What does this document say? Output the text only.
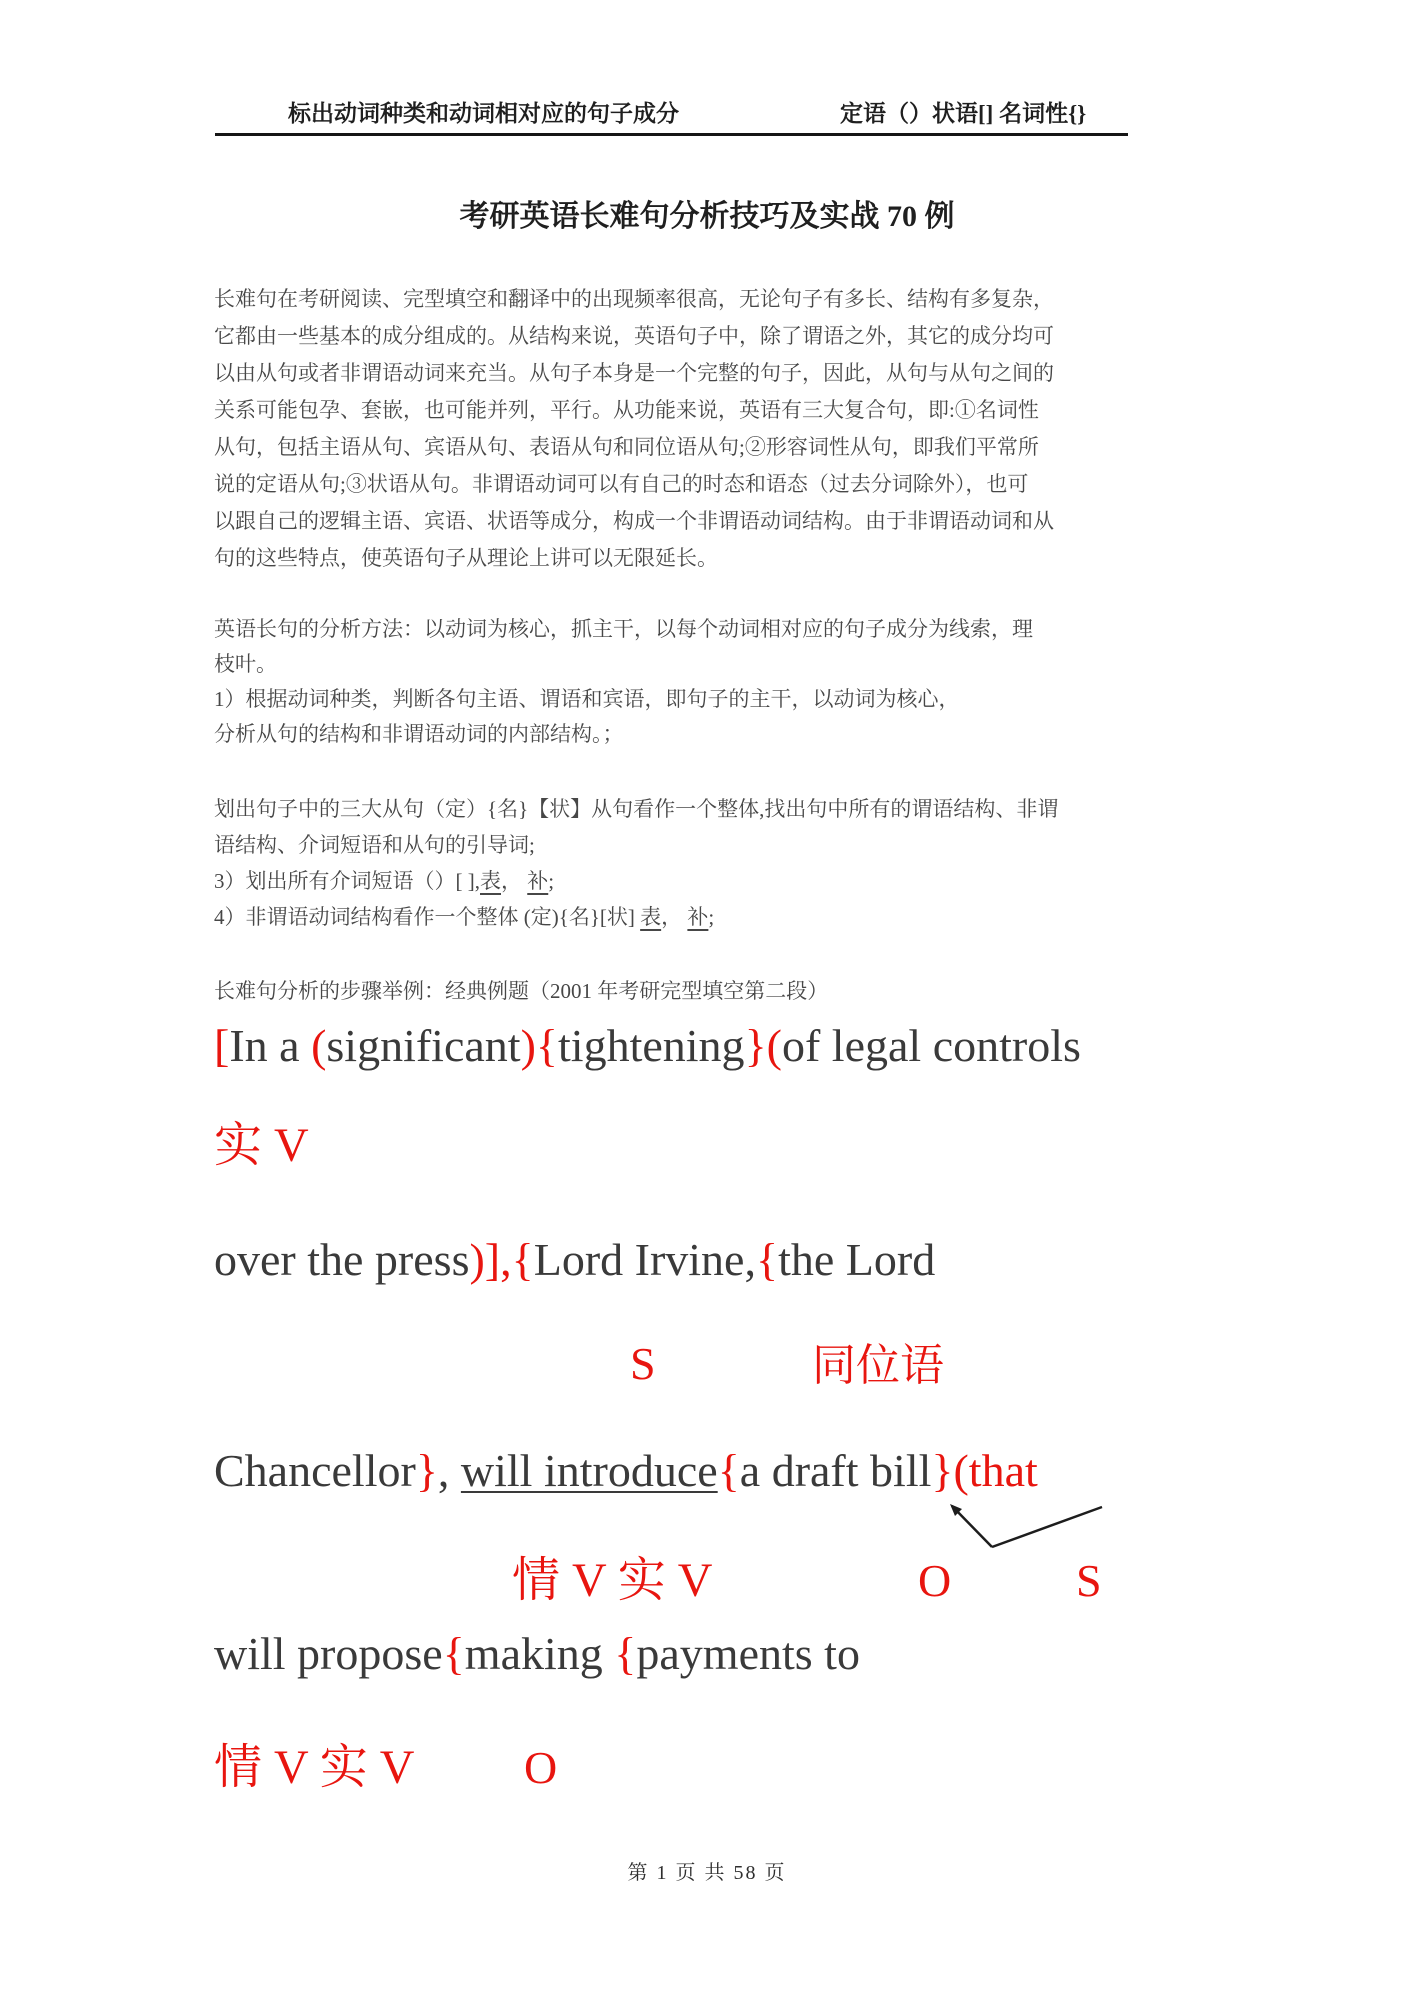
标出动词种类和动词相对应的句子成分	定语（）状语[] 名词性{}
考研英语长难句分析技巧及实战 70 例
长难句在考研阅读、完型填空和翻译中的出现频率很高，无论句子有多长、结构有多复杂，
它都由一些基本的成分组成的。从结构来说，英语句子中，除了谓语之外，其它的成分均可
以由从句或者非谓语动词来充当。从句子本身是一个完整的句子，因此，从句与从句之间的
关系可能包孕、套嵌，也可能并列，平行。从功能来说，英语有三大复合句，即:①名词性
从句，包括主语从句、宾语从句、表语从句和同位语从句;②形容词性从句，即我们平常所
说的定语从句;③状语从句。非谓语动词可以有自己的时态和语态（过去分词除外），也可
以跟自己的逻辑主语、宾语、状语等成分，构成一个非谓语动词结构。由于非谓语动词和从
句的这些特点，使英语句子从理论上讲可以无限延长。
英语长句的分析方法：以动词为核心，抓主干，以每个动词相对应的句子成分为线索，理
枝叶。
1）根据动词种类，判断各句主语、谓语和宾语，即句子的主干，以动词为核心，
分析从句的结构和非谓语动词的内部结构。；
划出句子中的三大从句（定）{名}【状】从句看作一个整体,找出句中所有的谓语结构、非谓
语结构、介词短语和从句的引导词;
3）划出所有介词短语（）[ ],表， 补;
4）非谓语动词结构看作一个整体 (定){名}[状] 表， 补;
长难句分析的步骤举例：经典例题（2001 年考研完型填空第二段）
[In a (significant){tightening}(of legal controls
实 V
over the press)],{Lord Irvine,{the Lord
S	同位语
Chancellor}, will introduce{a draft bill}(that
情 V 实 V	O	S
will propose{making {payments to
情 V 实 V O
第 1 页 共 58 页
